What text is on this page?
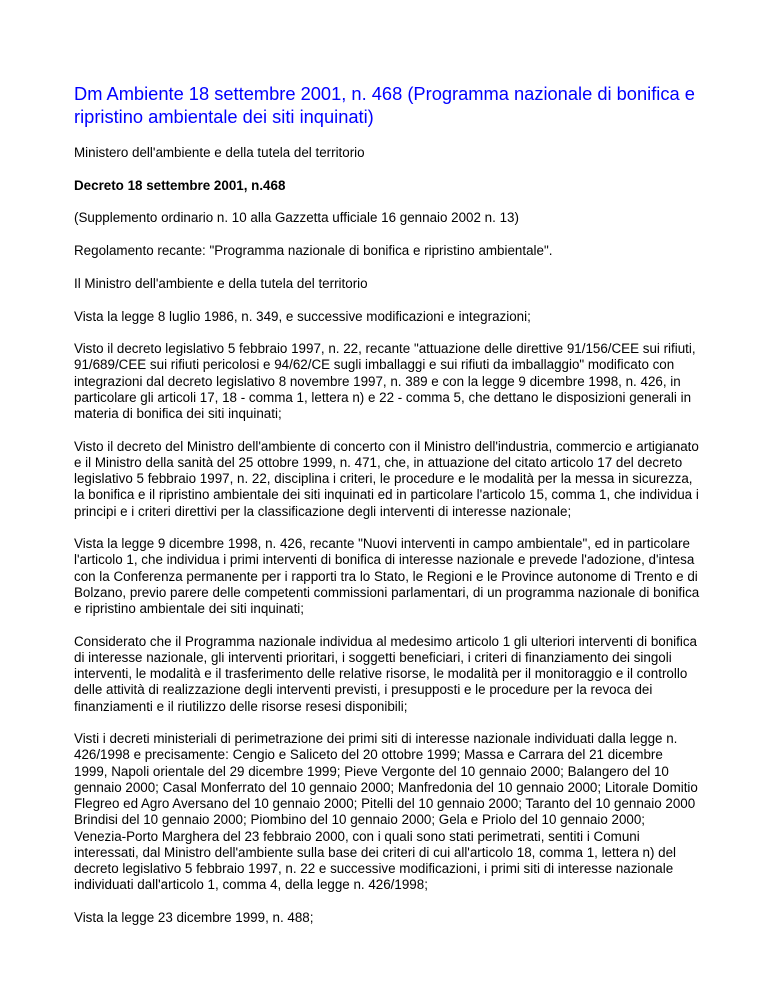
Dm Ambiente 18 settembre 2001, n. 468 (Programma nazionale di bonifica e ripristino ambientale dei siti inquinati)

Ministero dell'ambiente e della tutela del territorio

Decreto 18 settembre 2001, n.468

(Supplemento ordinario n. 10 alla Gazzetta ufficiale 16 gennaio 2002 n. 13)

Regolamento recante: "Programma nazionale di bonifica e ripristino ambientale".

Il Ministro dell'ambiente e della tutela del territorio

Vista la legge 8 luglio 1986, n. 349, e successive modificazioni e integrazioni;

Visto il decreto legislativo 5 febbraio 1997, n. 22, recante "attuazione delle direttive 91/156/CEE sui rifiuti, 91/689/CEE sui rifiuti pericolosi e 94/62/CE sugli imballaggi e sui rifiuti da imballaggio" modificato con integrazioni dal decreto legislativo 8 novembre 1997, n. 389 e con la legge 9 dicembre 1998, n. 426, in particolare gli articoli 17, 18 - comma 1, lettera n) e 22 - comma 5, che dettano le disposizioni generali in materia di bonifica dei siti inquinati;

Visto il decreto del Ministro dell'ambiente di concerto con il Ministro dell'industria, commercio e artigianato e il Ministro della sanità del 25 ottobre 1999, n. 471, che, in attuazione del citato articolo 17 del decreto legislativo 5 febbraio 1997, n. 22, disciplina i criteri, le procedure e le modalità per la messa in sicurezza, la bonifica e il ripristino ambientale dei siti inquinati ed in particolare l'articolo 15, comma 1, che individua i principi e i criteri direttivi per la classificazione degli interventi di interesse nazionale;

Vista la legge 9 dicembre 1998, n. 426, recante "Nuovi interventi in campo ambientale", ed in particolare l'articolo 1, che individua i primi interventi di bonifica di interesse nazionale e prevede l'adozione, d'intesa con la Conferenza permanente per i rapporti tra lo Stato, le Regioni e le Province autonome di Trento e di Bolzano, previo parere delle competenti commissioni parlamentari, di un programma nazionale di bonifica e ripristino ambientale dei siti inquinati;

Considerato che il Programma nazionale individua al medesimo articolo 1 gli ulteriori interventi di bonifica di interesse nazionale, gli interventi prioritari, i soggetti beneficiari, i criteri di finanziamento dei singoli interventi, le modalità e il trasferimento delle relative risorse, le modalità per il monitoraggio e il controllo delle attività di realizzazione degli interventi previsti, i presupposti e le procedure per la revoca dei finanziamenti e il riutilizzo delle risorse resesi disponibili;

Visti i decreti ministeriali di perimetrazione dei primi siti di interesse nazionale individuati dalla legge n. 426/1998 e precisamente: Cengio e Saliceto del 20 ottobre 1999; Massa e Carrara del 21 dicembre 1999, Napoli orientale del 29 dicembre 1999; Pieve Vergonte del 10 gennaio 2000; Balangero del 10 gennaio 2000; Casal Monferrato del 10 gennaio 2000; Manfredonia del 10 gennaio 2000; Litorale Domitio Flegreo ed Agro Aversano del 10 gennaio 2000; Pitelli del 10 gennaio 2000; Taranto del 10 gennaio 2000 Brindisi del 10 gennaio 2000; Piombino del 10 gennaio 2000; Gela e Priolo del 10 gennaio 2000; Venezia-Porto Marghera del 23 febbraio 2000, con i quali sono stati perimetrati, sentiti i Comuni interessati, dal Ministro dell'ambiente sulla base dei criteri di cui all'articolo 18, comma 1, lettera n) del decreto legislativo 5 febbraio 1997, n. 22 e successive modificazioni, i primi siti di interesse nazionale individuati dall'articolo 1, comma 4, della legge n. 426/1998;

Vista la legge 23 dicembre 1999, n. 488;
